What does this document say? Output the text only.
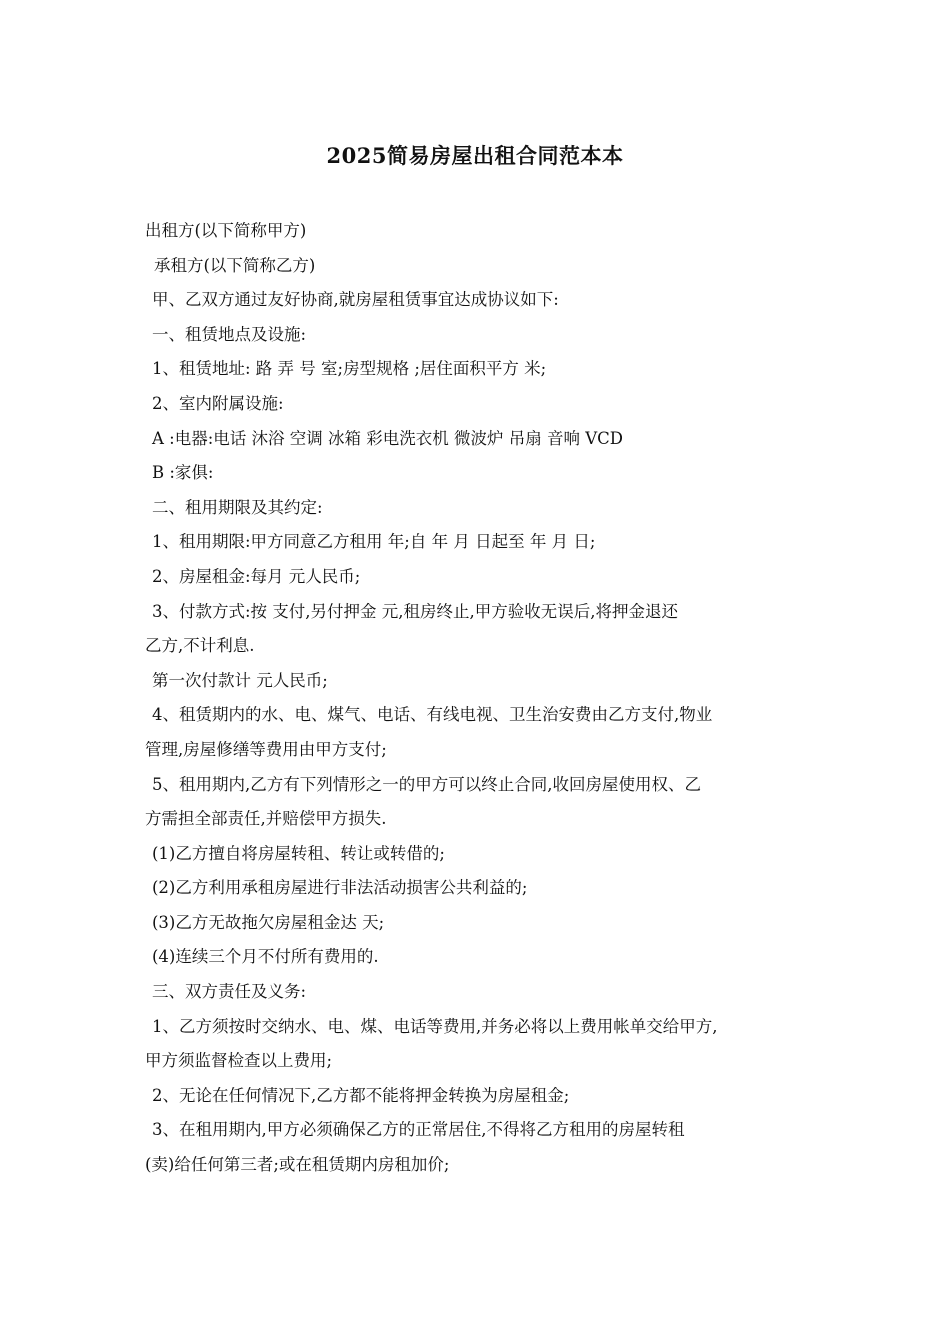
2025简易房屋出租合同范本本
出租方(以下简称甲方)
承租方(以下简称乙方)
甲、乙双方通过友好协商,就房屋租赁事宜达成协议如下:
一、租赁地点及设施:
1、租赁地址: 路 弄 号 室;房型规格 ;居住面积平方 米;
2、室内附属设施:
A :电器:电话 沐浴 空调 冰箱 彩电洗衣机 微波炉 吊扇 音响 VCD
B :家俱:
二、租用期限及其约定:
1、租用期限:甲方同意乙方租用 年;自 年 月 日起至 年 月 日;
2、房屋租金:每月 元人民币;
3、付款方式:按 支付,另付押金 元,租房终止,甲方验收无误后,将押金退还
乙方,不计利息.
第一次付款计 元人民币;
4、租赁期内的水、电、煤气、电话、有线电视、卫生治安费由乙方支付,物业
管理,房屋修缮等费用由甲方支付;
5、租用期内,乙方有下列情形之一的甲方可以终止合同,收回房屋使用权、乙
方需担全部责任,并赔偿甲方损失.
(1)乙方擅自将房屋转租、转让或转借的;
(2)乙方利用承租房屋进行非法活动损害公共利益的;
(3)乙方无故拖欠房屋租金达 天;
(4)连续三个月不付所有费用的.
三、双方责任及义务:
1、乙方须按时交纳水、电、煤、电话等费用,并务必将以上费用帐单交给甲方,
甲方须监督检查以上费用;
2、无论在任何情况下,乙方都不能将押金转换为房屋租金;
3、在租用期内,甲方必须确保乙方的正常居住,不得将乙方租用的房屋转租
(卖)给任何第三者;或在租赁期内房租加价;
